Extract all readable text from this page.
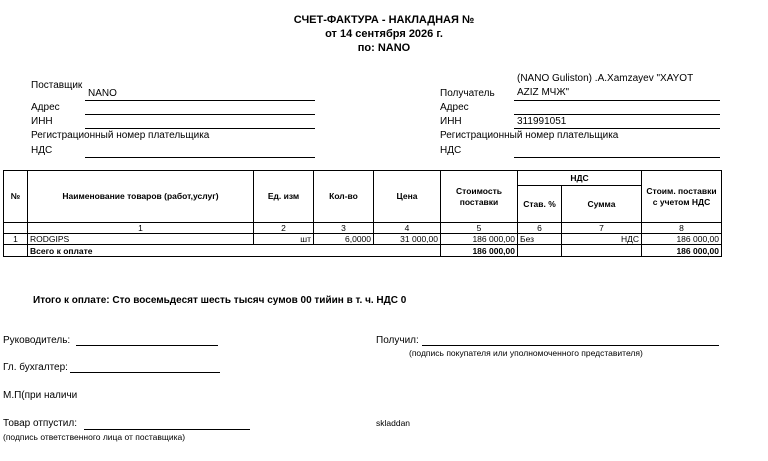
СЧЕТ-ФАКТУРА - НАКЛАДНАЯ №
от 14 сентября 2026 г.
по: NANO
Поставщик
NANO
Адрес
ИНН
Регистрационный номер плательщика
НДС
(NANO Guliston) .A.Xamzayev "XAYOT
Получатель AZIZ МЧЖ"
Адрес
ИНН	311991051
Регистрационный номер плательщика
НДС
№	Наименование товаров (работ,услуг)	Ед. изм	Кол-во	Цена	Стоимость поставки	НДС		Стоим. поставки с учетом НДС
						Став. %	Сумма	
	1	2	3	4	5	6	7	8
1	RODGIPS	шт	6,0000	31 000,00	186 000,00	Без	НДС	186 000,00
	Всего к оплате				186 000,00			186 000,00
Итого к оплате: Сто восемьдесят шесть тысяч сумов 00 тийин в т. ч. НДС 0
Руководитель:
Гл. бухгалтер:
М.П(при наличи
Товар отпустил:
(подпись ответственного лица от поставщика)
Получил:
(подпись покупателя или уполномоченного представителя)
skladdan
